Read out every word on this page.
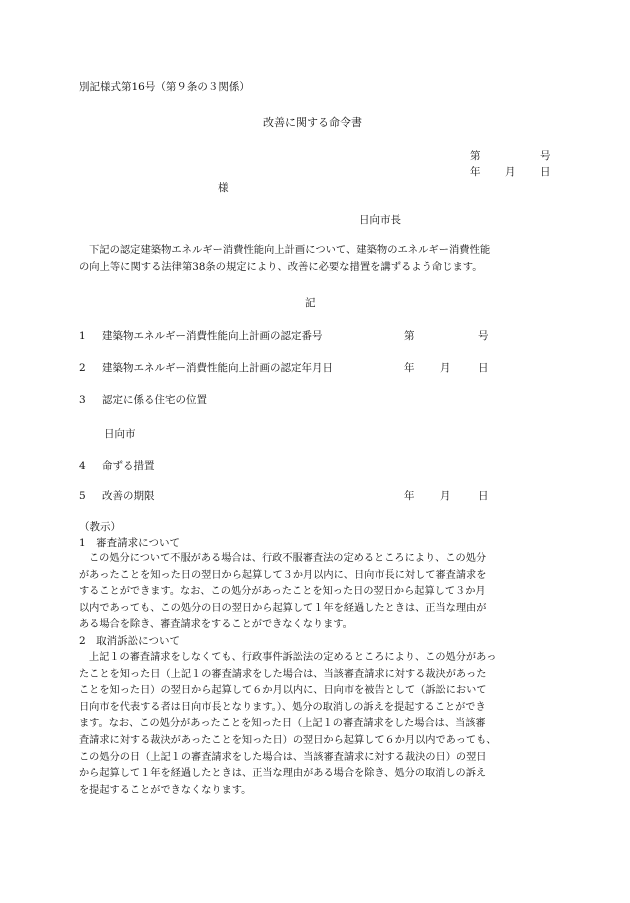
別記様式第16号（第９条の３関係）
改善に関する命令書
第	号
年 月 日
様
日向市長
下記の認定建築物エネルギー消費性能向上計画について、建築物のエネルギー消費性能
の向上等に関する法律第38条の規定により、改善に必要な措置を講ずるよう命じます。
記
1 建築物エネルギー消費性能向上計画の認定番号	第	号
2 建築物エネルギー消費性能向上計画の認定年月日	年 月	日
3 認定に係る住宅の位置
日向市
4 命ずる措置
5 改善の期限	年 月	日
（教示）
1　審査請求について
この処分について不服がある場合は、行政不服審査法の定めるところにより、この処分
があったことを知った日の翌日から起算して３か月以内に、日向市長に対して審査請求を
することができます。なお、この処分があったことを知った日の翌日から起算して３か月
以内であっても、この処分の日の翌日から起算して１年を経過したときは、正当な理由が
ある場合を除き、審査請求をすることができなくなります。
2　取消訴訟について
上記１の審査請求をしなくても、行政事件訴訟法の定めるところにより、この処分があっ
たことを知った日（上記１の審査請求をした場合は、当該審査請求に対する裁決があった
ことを知った日）の翌日から起算して６か月以内に、日向市を被告として（訴訟において
日向市を代表する者は日向市長となります。）、処分の取消しの訴えを提起することができ
ます。なお、この処分があったことを知った日（上記１の審査請求をした場合は、当該審
査請求に対する裁決があったことを知った日）の翌日から起算して６か月以内であっても、
この処分の日（上記１の審査請求をした場合は、当該審査請求に対する裁決の日）の翌日
から起算して１年を経過したときは、正当な理由がある場合を除き、処分の取消しの訴え
を提起することができなくなります。
